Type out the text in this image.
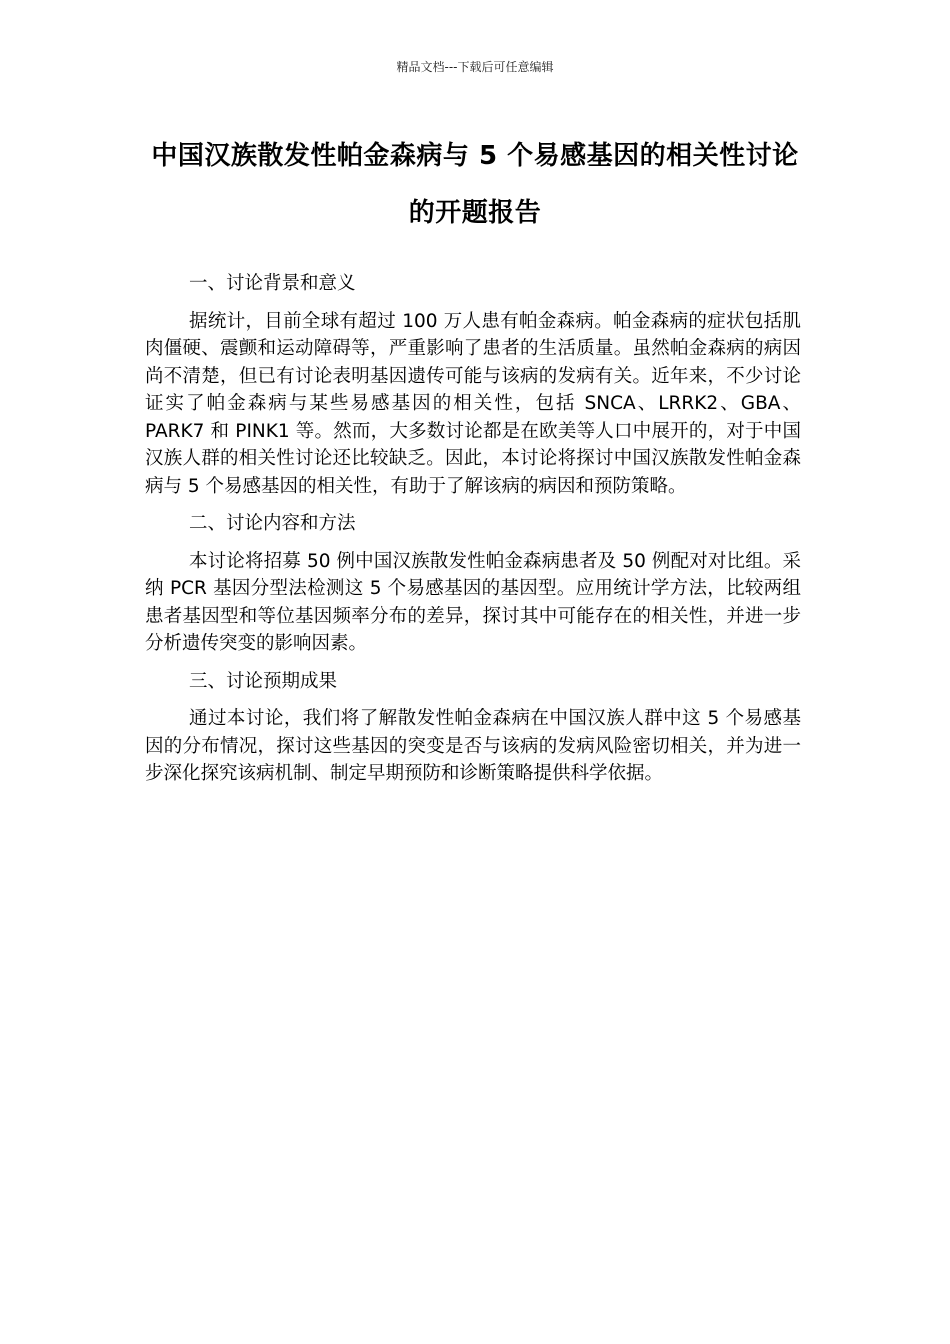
精品文档---下载后可任意编辑
中国汉族散发性帕金森病与 5 个易感基因的相关性讨论的开题报告

一、讨论背景和意义

据统计，目前全球有超过 100 万人患有帕金森病。帕金森病的症状包括肌肉僵硬、震颤和运动障碍等，严重影响了患者的生活质量。虽然帕金森病的病因尚不清楚，但已有讨论表明基因遗传可能与该病的发病有关。近年来，不少讨论证实了帕金森病与某些易感基因的相关性，包括 SNCA、LRRK2、GBA、PARK7 和 PINK1 等。然而，大多数讨论都是在欧美等人口中展开的，对于中国汉族人群的相关性讨论还比较缺乏。因此，本讨论将探讨中国汉族散发性帕金森病与 5 个易感基因的相关性，有助于了解该病的病因和预防策略。

二、讨论内容和方法

本讨论将招募 50 例中国汉族散发性帕金森病患者及 50 例配对对比组。采纳 PCR 基因分型法检测这 5 个易感基因的基因型。应用统计学方法，比较两组患者基因型和等位基因频率分布的差异，探讨其中可能存在的相关性，并进一步分析遗传突变的影响因素。

三、讨论预期成果

通过本讨论，我们将了解散发性帕金森病在中国汉族人群中这 5 个易感基因的分布情况，探讨这些基因的突变是否与该病的发病风险密切相关，并为进一步深化探究该病机制、制定早期预防和诊断策略提供科学依据。
